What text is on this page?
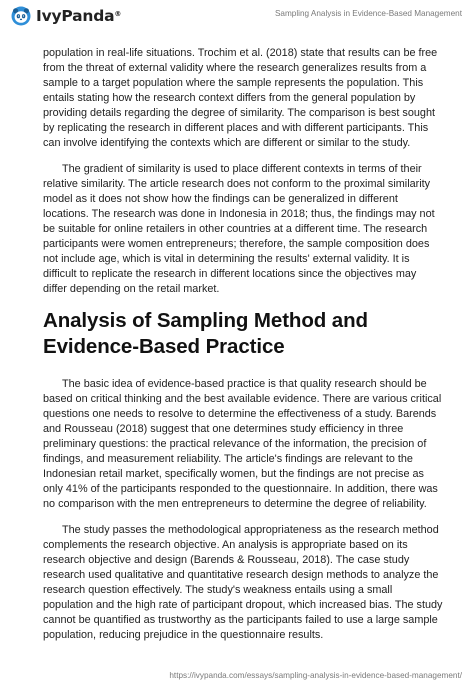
IvyPanda®	Sampling Analysis in Evidence-Based Management

population in real-life situations. Trochim et al. (2018) state that results can be free from the threat of external validity where the research generalizes results from a sample to a target population where the sample represents the population. This entails stating how the research context differs from the general population by providing details regarding the degree of similarity. The comparison is best sought by replicating the research in different places and with different participants. This can involve identifying the contexts which are different or similar to the study.

The gradient of similarity is used to place different contexts in terms of their relative similarity. The article research does not conform to the proximal similarity model as it does not show how the findings can be generalized in different locations. The research was done in Indonesia in 2018; thus, the findings may not be suitable for online retailers in other countries at a different time. The research participants were women entrepreneurs; therefore, the sample composition does not include age, which is vital in determining the results' external validity. It is difficult to replicate the research in different locations since the objectives may differ depending on the retail market.

Analysis of Sampling Method and Evidence-Based Practice

The basic idea of evidence-based practice is that quality research should be based on critical thinking and the best available evidence. There are various critical questions one needs to resolve to determine the effectiveness of a study. Barends and Rousseau (2018) suggest that one determines study efficiency in three preliminary questions: the practical relevance of the information, the precision of findings, and measurement reliability. The article's findings are relevant to the Indonesian retail market, specifically women, but the findings are not precise as only 41% of the participants responded to the questionnaire. In addition, there was no comparison with the men entrepreneurs to determine the degree of reliability.

The study passes the methodological appropriateness as the research method complements the research objective. An analysis is appropriate based on its research objective and design (Barends & Rousseau, 2018). The case study research used qualitative and quantitative research design methods to analyze the research question effectively. The study's weakness entails using a small population and the high rate of participant dropout, which increased bias. The study cannot be quantified as trustworthy as the participants failed to use a large sample population, reducing prejudice in the questionnaire results.

https://ivypanda.com/essays/sampling-analysis-in-evidence-based-management/
